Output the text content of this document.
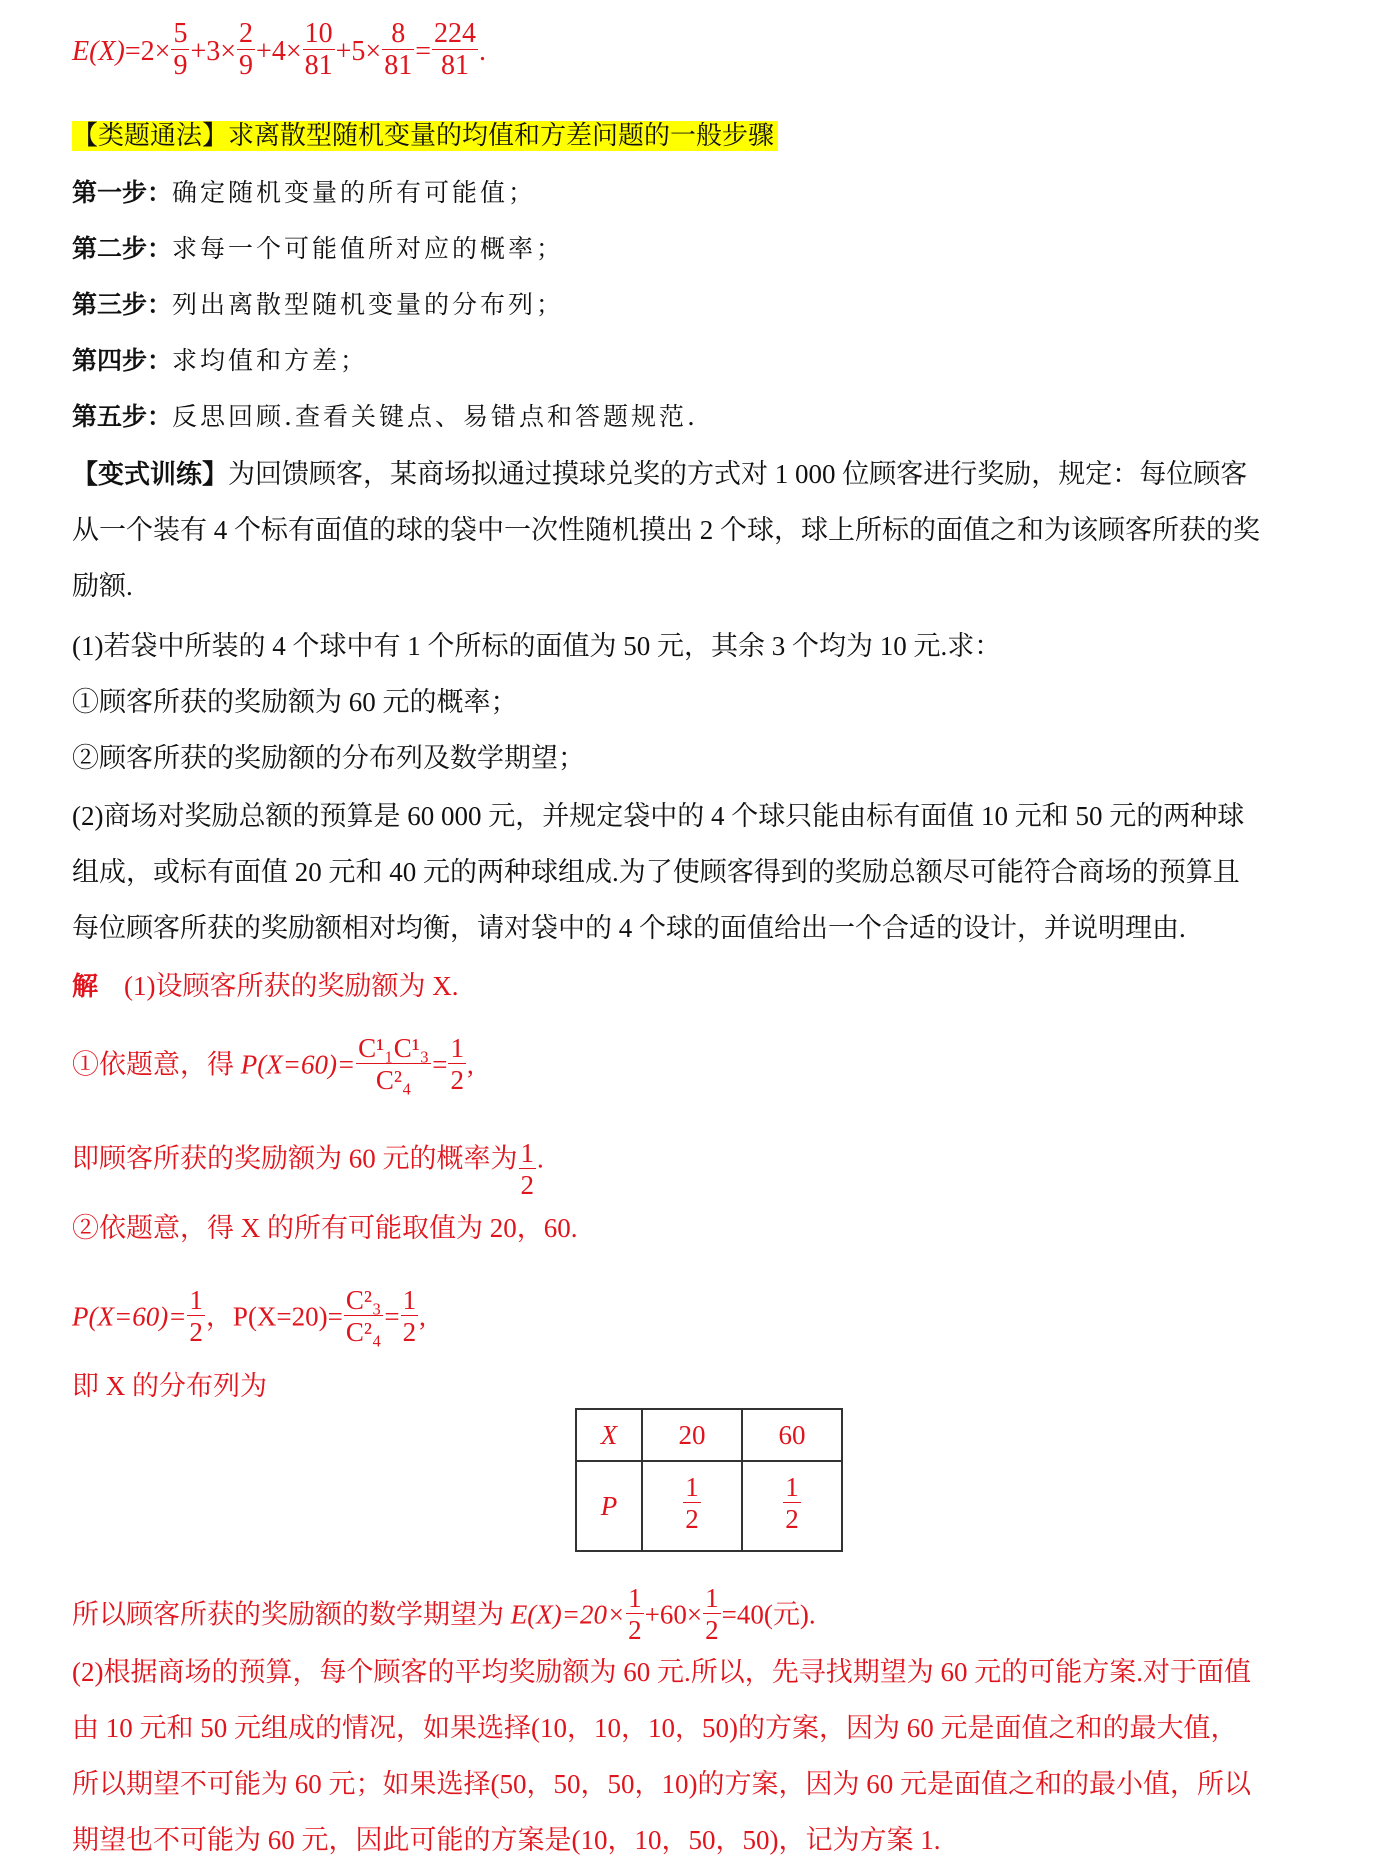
$E(X)=2\times \frac{5}{9} +3\times \frac{2}{9} +4\times \frac{10}{81} +5\times \frac{8}{81} = \frac{224}{81}$ .
【类题通法】求离散型随机变量的均值和方差问题的一般步骤
第一步：确定随机变量的所有可能值；
第二步：求每一个可能值所对应的概率；
第三步：列出离散型随机变量的分布列；
第四步：求均值和方差；
第五步：反思回顾.查看关键点、易错点和答题规范.
【变式训练】为回馈顾客，某商场拟通过摸球兑奖的方式对 1 000 位顾客进行奖励，规定：每位顾客
从一个装有 4 个标有面值的球的袋中一次性随机摸出 2 个球，球上所标的面值之和为该顾客所获的奖
励额.
(1)若袋中所装的 4 个球中有 1 个所标的面值为 50 元，其余 3 个均为 10 元.求：
①顾客所获的奖励额为 60 元的概率；
②顾客所获的奖励额的分布列及数学期望；
(2)商场对奖励总额的预算是 60 000 元，并规定袋中的 4 个球只能由标有面值 10 元和 50 元的两种球
组成，或标有面值 20 元和 40 元的两种球组成.为了使顾客得到的奖励总额尽可能符合商场的预算且
每位顾客所获的奖励额相对均衡，请对袋中的 4 个球的面值给出一个合适的设计，并说明理由.
解 (1)设顾客所获的奖励额为 X.
①依题意，得 $P(X=60)= \frac{\text{C¹₁C¹₃}}{\text{C²₄}} = \frac{1}{2}$ ,
即顾客所获的奖励额为 60 元的概率为 $\frac{1}{2}$ .
②依题意，得 X 的所有可能取值为 20，60.
$P(X=60)= \frac{1}{2}$ ，$P(X=20)= \frac{\text{C²₃}}{\text{C²₄}} = \frac{1}{2}$ ,
即 X 的分布列为
X	20	60
P	$\frac{1}{2}$	$\frac{1}{2}$
所以顾客所获的奖励额的数学期望为 $E(X)=20\times \frac{1}{2} +60\times \frac{1}{2} =40$(元).
(2)根据商场的预算，每个顾客的平均奖励额为 60 元.所以，先寻找期望为 60 元的可能方案.对于面值
由 10 元和 50 元组成的情况，如果选择(10，10，10，50)的方案，因为 60 元是面值之和的最大值，
所以期望不可能为 60 元；如果选择(50，50，50，10)的方案，因为 60 元是面值之和的最小值，所以
期望也不可能为 60 元，因此可能的方案是(10，10，50，50)，记为方案 1.
